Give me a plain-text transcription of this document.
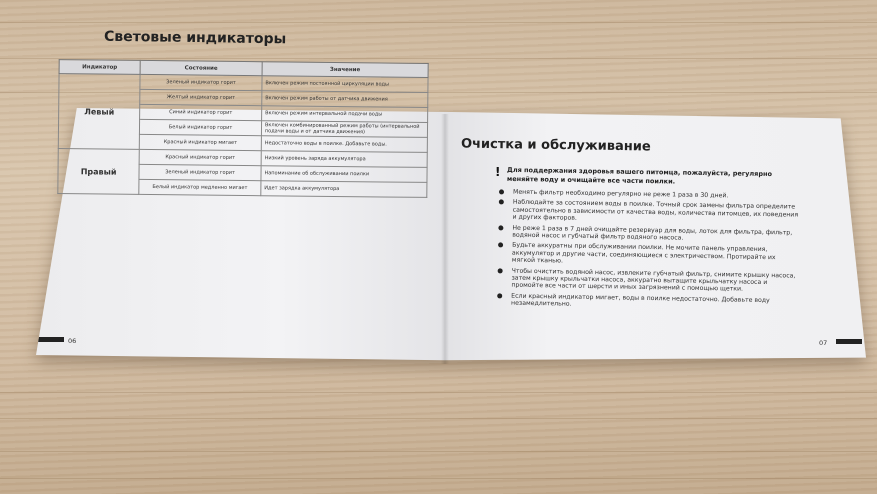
Световые индикаторы
06
Индикатор	Состояние	Значение
Левый	Зеленый индикатор горит	Включен режим постоянной циркуляции воды
	Желтый индикатор горит	Включен режим работы от датчика движения
	Синий индикатор горит	Включен режим интервальной подачи воды
	Белый индикатор горит	Включен комбинированный режим работы (интервальной подачи воды и от датчика движения)
	Красный индикатор мигает	Недостаточно воды в поилке. Добавьте воды.
Правый	Красный индикатор горит	Низкий уровень заряда аккумулятора
	Зеленый индикатор горит	Напоминание об обслуживании поилки
	Белый индикатор медленно мигает	Идет зарядка аккумулятора
Очистка и обслуживание
! Для поддержания здоровья вашего питомца, пожалуйста, регулярно меняйте воду и очищайте все части поилки.
Менять фильтр необходимо регулярно не реже 1 раза в 30 дней.
Наблюдайте за состоянием воды в поилке. Точный срок замены фильтра определите самостоятельно в зависимости от качества воды, количества питомцев, их поведения и других факторов.
Не реже 1 раза в 7 дней очищайте резервуар для воды, лоток для фильтра, фильтр, водяной насос и губчатый фильтр водяного насоса.
Будьте аккуратны при обслуживании поилки. Не мочите панель управления, аккумулятор и другие части, соединяющиеся с электричеством. Протирайте их мягкой тканью.
Чтобы очистить водяной насос, извлеките губчатый фильтр, снимите крышку насоса, затем крышку крыльчатки насоса, аккуратно вытащите крыльчатку насоса и промойте все части от шерсти и иных загрязнений с помощью щетки.
Если красный индикатор мигает, воды в поилке недостаточно. Добавьте воду незамедлительно.
07
